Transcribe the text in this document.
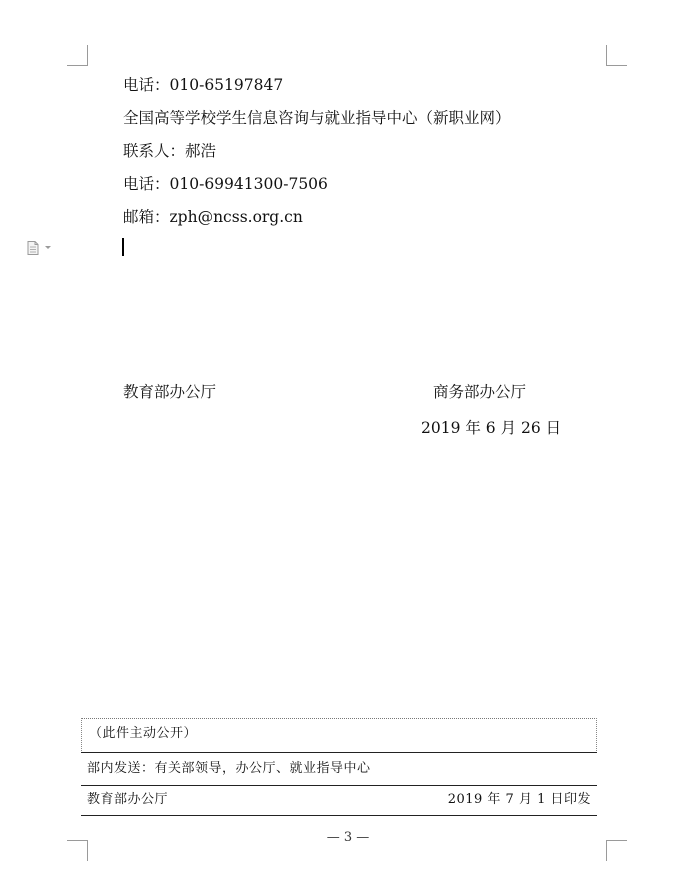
电话：010-65197847
全国高等学校学生信息咨询与就业指导中心（新职业网）
联系人：郝浩
电话：010-69941300-7506
邮箱：zph@ncss.org.cn
教育部办公厅	商务部办公厅
2019 年 6 月 26 日
（此件主动公开）
部内发送：有关部领导，办公厅、就业指导中心
教育部办公厅	2019 年 7 月 1 日印发
— 3 —
